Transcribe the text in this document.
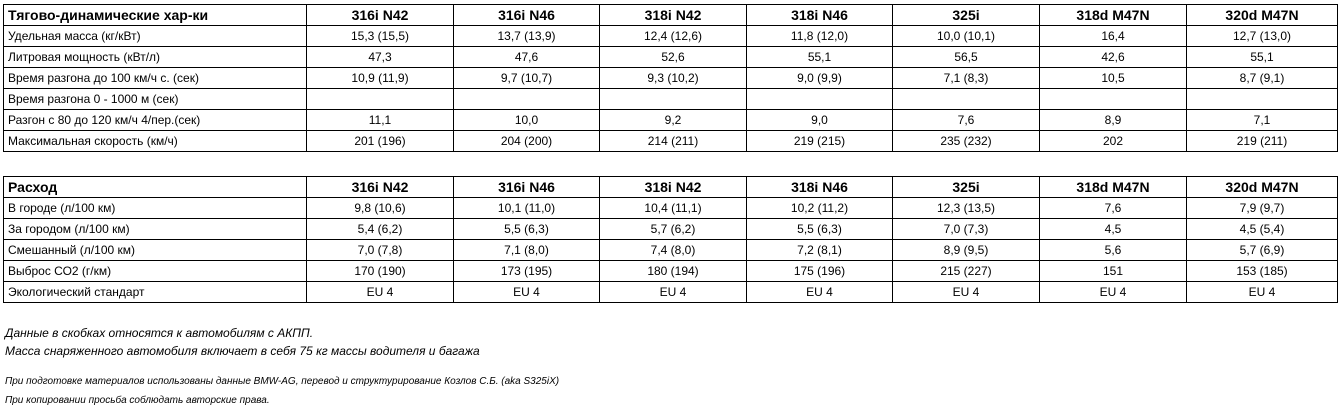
Тягово-динамические хар-ки	316i N42	316i N46	318i N42	318i N46	325i	318d M47N	320d M47N
Удельная масса (кг/кВт)	15,3 (15,5)	13,7 (13,9)	12,4 (12,6)	11,8 (12,0)	10,0 (10,1)	16,4	12,7 (13,0)
Литровая мощность (кВт/л)	47,3	47,6	52,6	55,1	56,5	42,6	55,1
Время разгона до 100 км/ч с. (сек)	10,9 (11,9)	9,7 (10,7)	9,3 (10,2)	9,0 (9,9)	7,1 (8,3)	10,5	8,7 (9,1)
Время разгона 0 - 1000 м (сек)							
Разгон с 80 до 120 км/ч 4/пер.(сек)	11,1	10,0	9,2	9,0	7,6	8,9	7,1
Максимальная скорость (км/ч)	201 (196)	204 (200)	214 (211)	219 (215)	235 (232)	202	219 (211)
Расход	316i N42	316i N46	318i N42	318i N46	325i	318d M47N	320d M47N
В городе (л/100 км)	9,8 (10,6)	10,1 (11,0)	10,4 (11,1)	10,2 (11,2)	12,3 (13,5)	7,6	7,9 (9,7)
За городом (л/100 км)	5,4 (6,2)	5,5 (6,3)	5,7 (6,2)	5,5 (6,3)	7,0 (7,3)	4,5	4,5 (5,4)
Смешанный (л/100 км)	7,0 (7,8)	7,1 (8,0)	7,4 (8,0)	7,2 (8,1)	8,9 (9,5)	5,6	5,7 (6,9)
Выброс СО2 (г/км)	170 (190)	173 (195)	180 (194)	175 (196)	215 (227)	151	153 (185)
Экологический стандарт	EU 4	EU 4	EU 4	EU 4	EU 4	EU 4	EU 4
Данные в скобках относятся к автомобилям с АКПП.
Масса снаряженного автомобиля включает в себя 75 кг массы водителя и багажа
При подготовке материалов использованы данные BMW-AG, перевод и структурирование Козлов С.Б. (aka S325iX)
При копировании просьба соблюдать авторские права.
